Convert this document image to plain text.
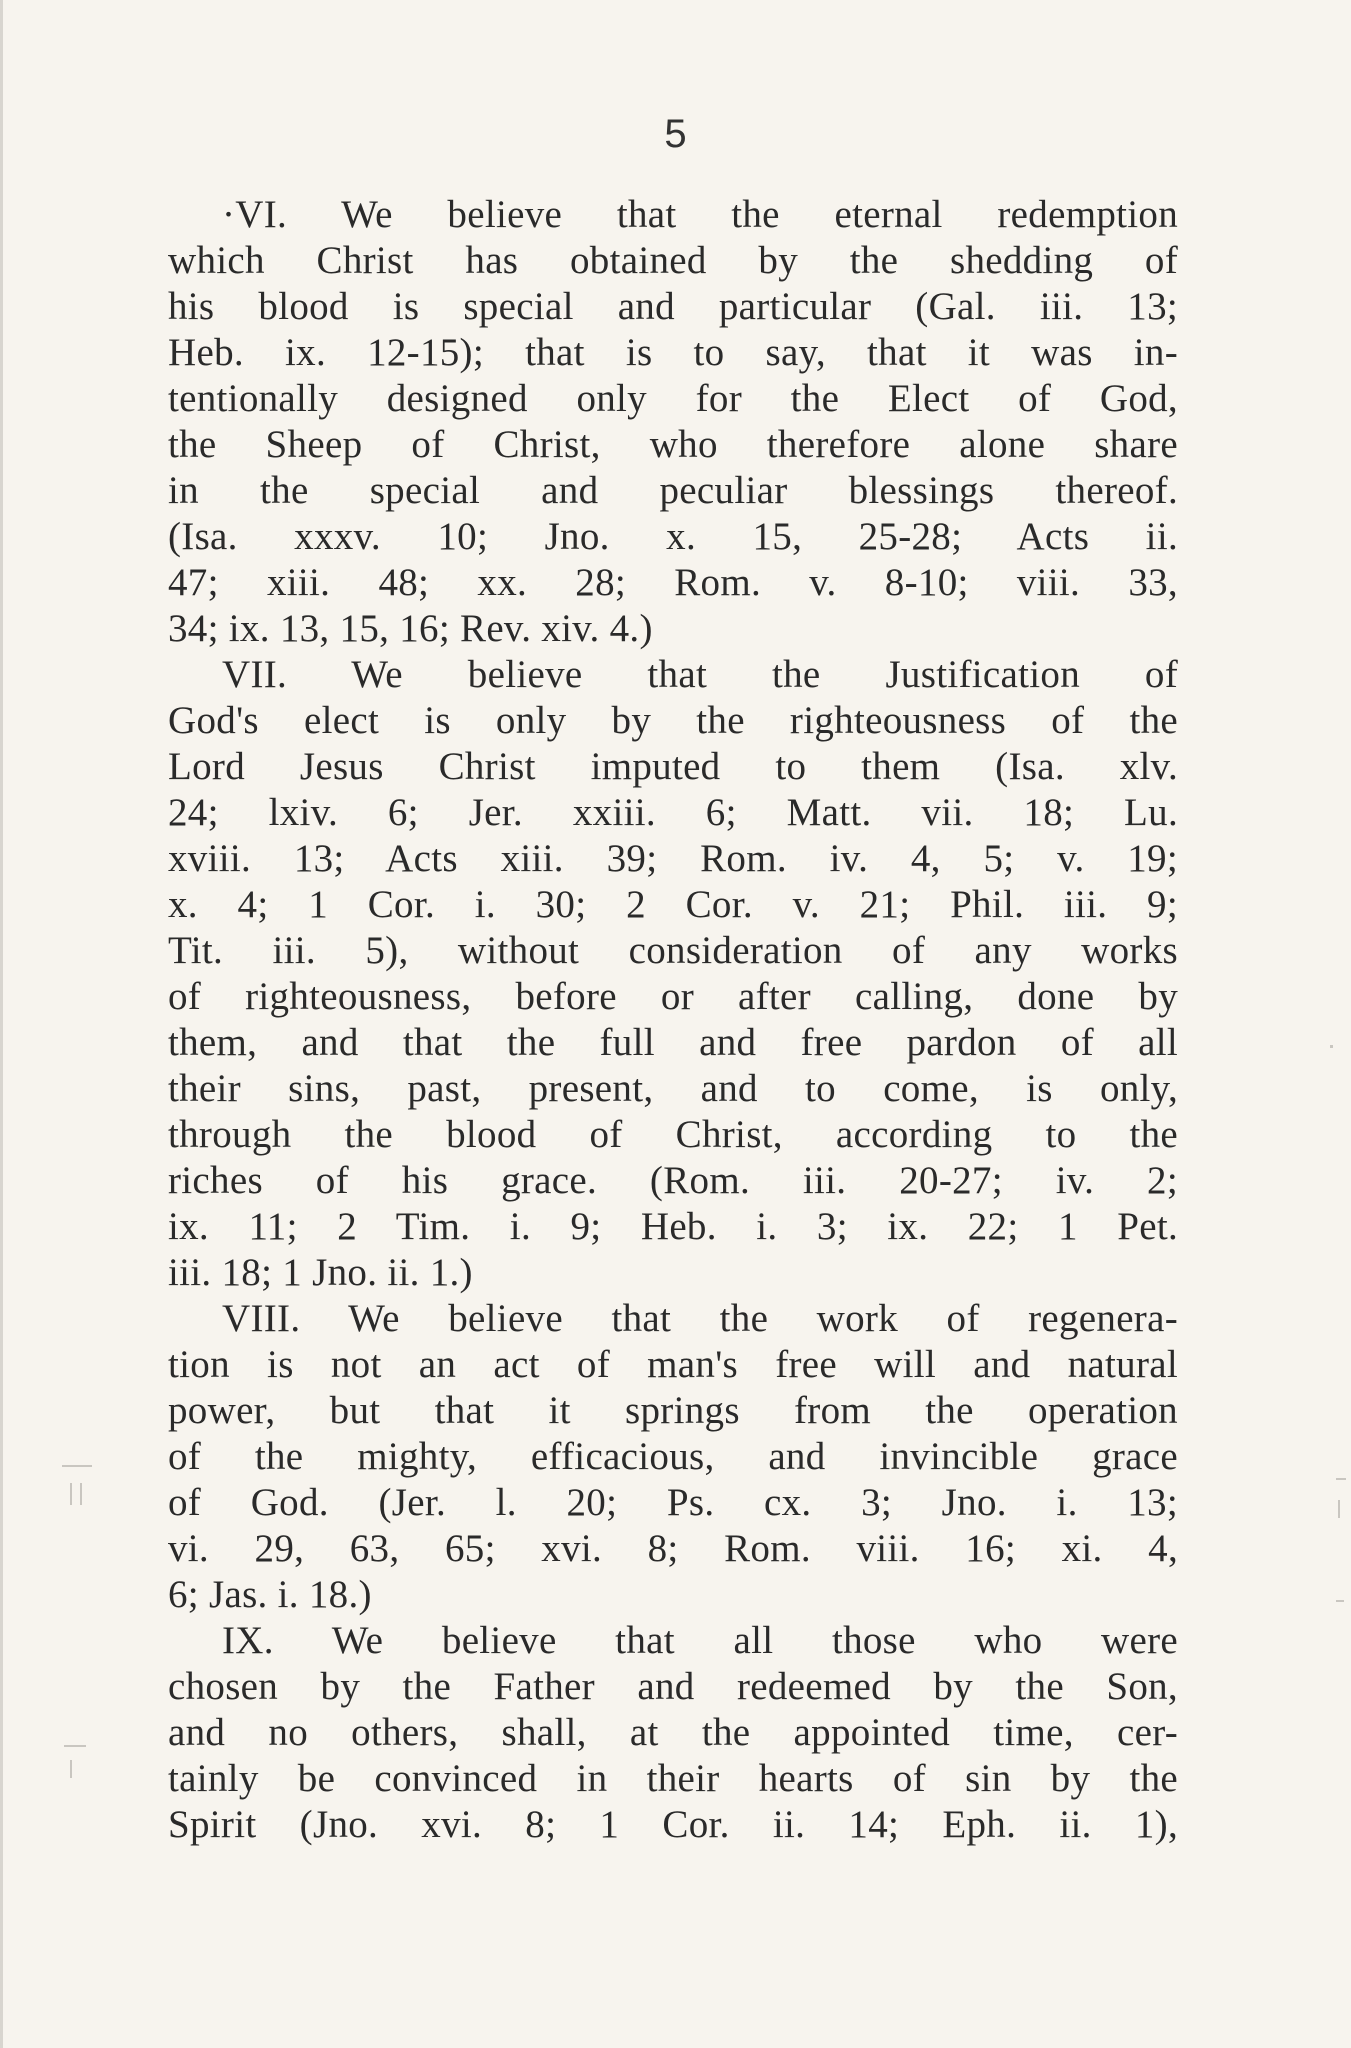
5
·VI. We believe that the eternal redemption
which Christ has obtained by the shedding of
his blood is special and particular (Gal. iii. 13;
Heb. ix. 12-15); that is to say, that it was in-
tentionally designed only for the Elect of God,
the Sheep of Christ, who therefore alone share
in the special and peculiar blessings thereof.
(Isa. xxxv. 10; Jno. x. 15, 25-28; Acts ii.
47; xiii. 48; xx. 28; Rom. v. 8-10; viii. 33,
34; ix. 13, 15, 16; Rev. xiv. 4.)
VII. We believe that the Justification of
God's elect is only by the righteousness of the
Lord Jesus Christ imputed to them (Isa. xlv.
24; lxiv. 6; Jer. xxiii. 6; Matt. vii. 18; Lu.
xviii. 13; Acts xiii. 39; Rom. iv. 4, 5; v. 19;
x. 4; 1 Cor. i. 30; 2 Cor. v. 21; Phil. iii. 9;
Tit. iii. 5), without consideration of any works
of righteousness, before or after calling, done by
them, and that the full and free pardon of all
their sins, past, present, and to come, is only,
through the blood of Christ, according to the
riches of his grace. (Rom. iii. 20-27; iv. 2;
ix. 11; 2 Tim. i. 9; Heb. i. 3; ix. 22; 1 Pet.
iii. 18; 1 Jno. ii. 1.)
VIII. We believe that the work of regenera-
tion is not an act of man's free will and natural
power, but that it springs from the operation
of the mighty, efficacious, and invincible grace
of God. (Jer. l. 20; Ps. cx. 3; Jno. i. 13;
vi. 29, 63, 65; xvi. 8; Rom. viii. 16; xi. 4,
6; Jas. i. 18.)
IX. We believe that all those who were
chosen by the Father and redeemed by the Son,
and no others, shall, at the appointed time, cer-
tainly be convinced in their hearts of sin by the
Spirit (Jno. xvi. 8; 1 Cor. ii. 14; Eph. ii. 1),
